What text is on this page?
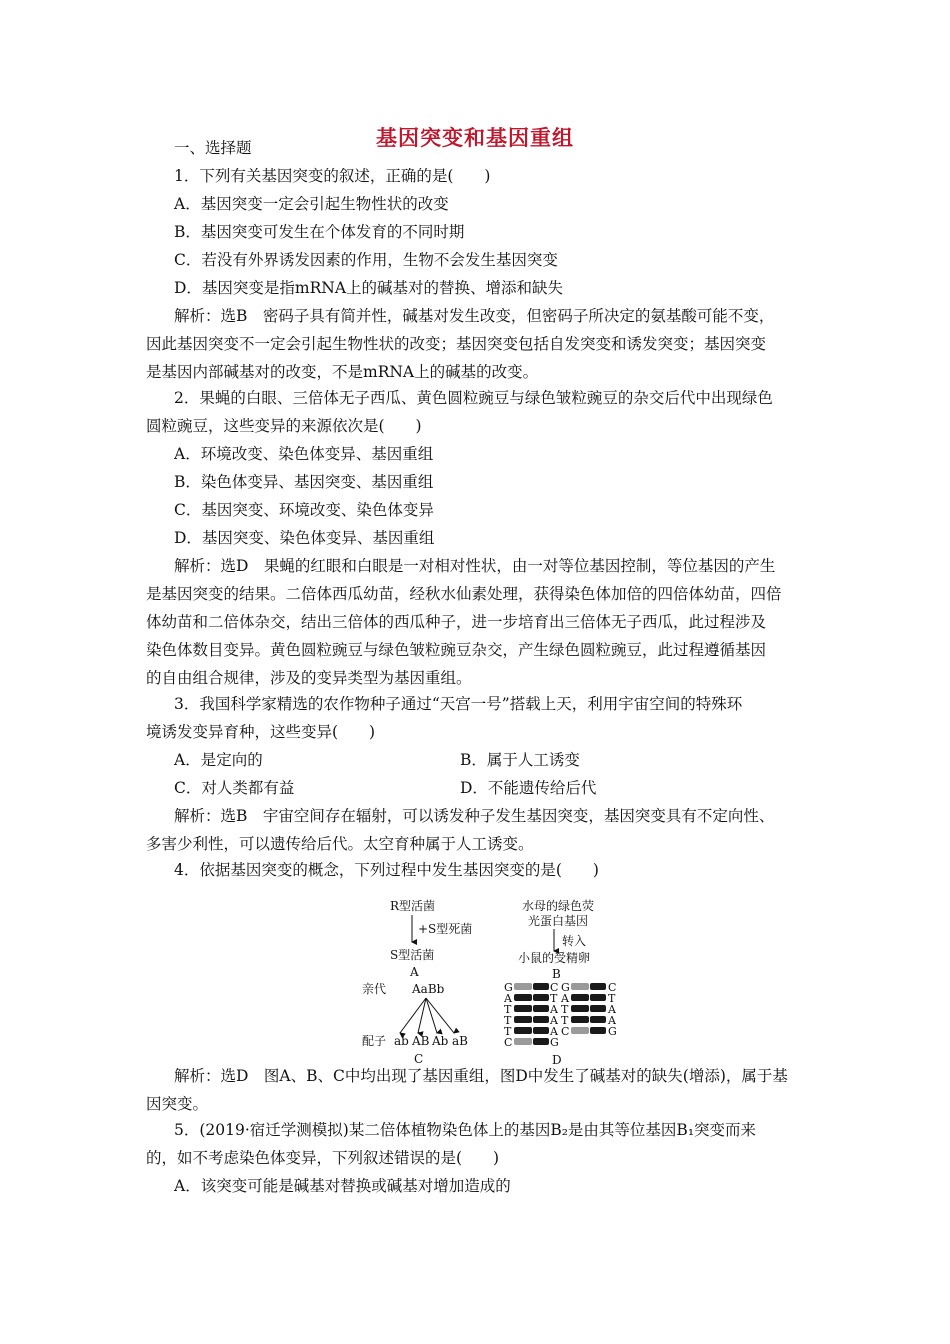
基因突变和基因重组
一、选择题
1．下列有关基因突变的叙述，正确的是(　　)
A．基因突变一定会引起生物性状的改变
B．基因突变可发生在个体发育的不同时期
C．若没有外界诱发因素的作用，生物不会发生基因突变
D．基因突变是指mRNA上的碱基对的替换、增添和缺失
解析：选B　密码子具有简并性，碱基对发生改变，但密码子所决定的氨基酸可能不变，
因此基因突变不一定会引起生物性状的改变；基因突变包括自发突变和诱发突变；基因突变
是基因内部碱基对的改变，不是mRNA上的碱基的改变。
2．果蝇的白眼、三倍体无子西瓜、黄色圆粒豌豆与绿色皱粒豌豆的杂交后代中出现绿色
圆粒豌豆，这些变异的来源依次是(　　)
A．环境改变、染色体变异、基因重组
B．染色体变异、基因突变、基因重组
C．基因突变、环境改变、染色体变异
D．基因突变、染色体变异、基因重组
解析：选D　果蝇的红眼和白眼是一对相对性状，由一对等位基因控制，等位基因的产生
是基因突变的结果。二倍体西瓜幼苗，经秋水仙素处理，获得染色体加倍的四倍体幼苗，四倍
体幼苗和二倍体杂交，结出三倍体的西瓜种子，进一步培育出三倍体无子西瓜，此过程涉及
染色体数目变异。黄色圆粒豌豆与绿色皱粒豌豆杂交，产生绿色圆粒豌豆，此过程遵循基因
的自由组合规律，涉及的变异类型为基因重组。
3．我国科学家精选的农作物种子通过“天宫一号”搭载上天，利用宇宙空间的特殊环
境诱发变异育种，这些变异(　　)
A．是定向的	B．属于人工诱变
C．对人类都有益	D．不能遗传给后代
解析：选B　宇宙空间存在辐射，可以诱发种子发生基因突变，基因突变具有不定向性、
多害少利性，可以遗传给后代。太空育种属于人工诱变。
4．依据基因突变的概念，下列过程中发生基因突变的是(　　)
解析：选D　图A、B、C中均出现了基因重组，图D中发生了碱基对的缺失(增添)，属于基
因突变。
5．(2019·宿迁学测模拟)某二倍体植物染色体上的基因B₂是由其等位基因B₁突变而来
的，如不考虑染色体变异，下列叙述错误的是(　　)
A．该突变可能是碱基对替换或碱基对增加造成的
R型活菌
+S型死菌
S型活菌
A
水母的绿色荧
光蛋白基因
转入
小鼠的受精卵
B
亲代 AaBb
配子 ab AB Ab aB
C
G	C
A	T
T	A
T	A
T	A
C	G
G	C
A	T
T	A
T	A
C	G
D
